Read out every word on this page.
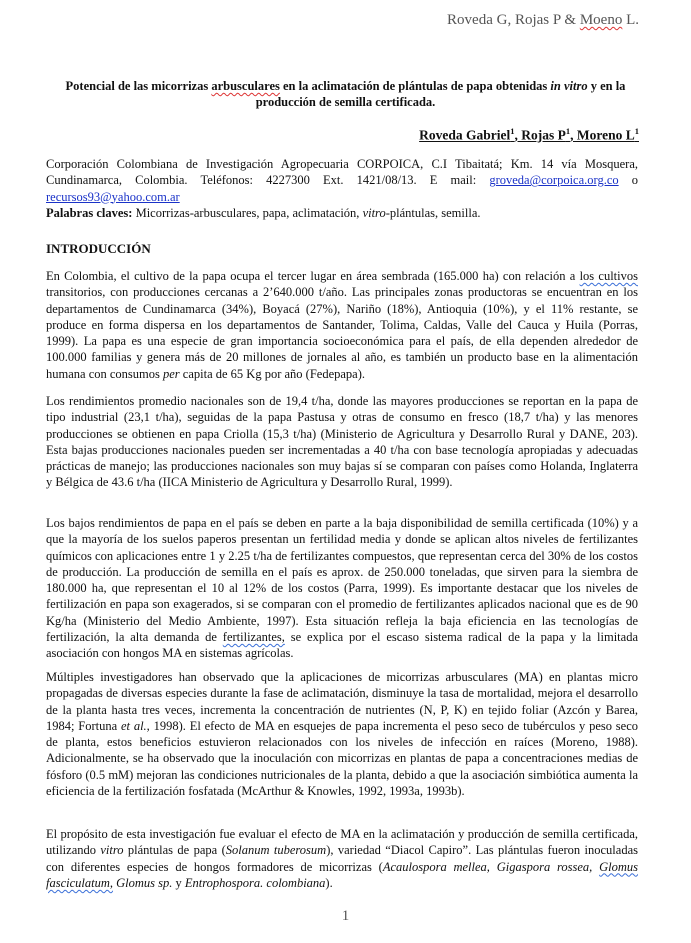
Roveda G, Rojas P & Moeno L.
Potencial de las micorrizas arbusculares en la aclimatación de plántulas de papa obtenidas in vitro y en la producción de semilla certificada.
Roveda Gabriel$^1$, Rojas $P^1$, Moreno $L^1$
Corporación Colombiana de Investigación Agropecuaria CORPOICA, C.I Tibaitatá; Km. 14 vía Mosquera, Cundinamarca, Colombia. Teléfonos: 4227300 Ext. 1421/08/13. E mail: groveda@corpoica.org.co o recursos93@yahoo.com.ar
Palabras claves: Micorrizas-arbusculares, papa, aclimatación, vitro-plántulas, semilla.
INTRODUCCIÓN
En Colombia, el cultivo de la papa ocupa el tercer lugar en área sembrada (165.000 ha) con relación a los cultivos transitorios, con producciones cercanas a 2’640.000 t/año. Las principales zonas productoras se encuentran en los departamentos de Cundinamarca (34%), Boyacá (27%), Nariño (18%), Antioquia (10%), y el 11% restante, se produce en forma dispersa en los departamentos de Santander, Tolima, Caldas, Valle del Cauca y Huila (Porras, 1999). La papa es una especie de gran importancia socioeconómica para el país, de ella dependen alrededor de 100.000 familias y genera más de 20 millones de jornales al año, es también un producto base en la alimentación humana con consumos per capita de 65 Kg por año (Fedepapa).
Los rendimientos promedio nacionales son de 19,4 t/ha, donde las mayores producciones se reportan en la papa de tipo industrial (23,1 t/ha), seguidas de la papa Pastusa y otras de consumo en fresco (18,7 t/ha) y las menores producciones se obtienen en papa Criolla (15,3 t/ha) (Ministerio de Agricultura y Desarrollo Rural y DANE, 203). Esta bajas producciones nacionales pueden ser incrementadas a 40 t/ha con base tecnología apropiadas y adecuadas prácticas de manejo; las producciones nacionales son muy bajas sí se comparan con países como Holanda, Inglaterra y Bélgica de 43.6 t/ha (IICA Ministerio de Agricultura y Desarrollo Rural, 1999).
Los bajos rendimientos de papa en el país se deben en parte a la baja disponibilidad de semilla certificada (10%) y a que la mayoría de los suelos paperos presentan un fertilidad media y donde se aplican altos niveles de fertilizantes químicos con aplicaciones entre 1 y 2.25 t/ha de fertilizantes compuestos, que representan cerca del 30% de los costos de producción. La producción de semilla en el país es aprox. de 250.000 toneladas, que sirven para la siembra de 180.000 ha, que representan el 10 al 12% de los costos (Parra, 1999). Es importante destacar que los niveles de fertilización en papa son exagerados, si se comparan con el promedio de fertilizantes aplicados nacional que es de 90 Kg/ha (Ministerio del Medio Ambiente, 1997). Esta situación refleja la baja eficiencia en las tecnologías de fertilización, la alta demanda de fertilizantes, se explica por el escaso sistema radical de la papa y la limitada asociación con hongos MA en sistemas agrícolas.
Múltiples investigadores han observado que la aplicaciones de micorrizas arbusculares (MA) en plantas micro propagadas de diversas especies durante la fase de aclimatación, disminuye la tasa de mortalidad, mejora el desarrollo de la planta hasta tres veces, incrementa la concentración de nutrientes (N, P, K) en tejido foliar (Azcón y Barea, 1984; Fortuna et al., 1998). El efecto de MA en esquejes de papa incrementa el peso seco de tubérculos y peso seco de planta, estos beneficios estuvieron relacionados con los niveles de infección en raíces (Moreno, 1988). Adicionalmente, se ha observado que la inoculación con micorrizas en plantas de papa a concentraciones medias de fósforo (0.5 mM) mejoran las condiciones nutricionales de la planta, debido a que la asociación simbiótica aumenta la eficiencia de la fertilización fosfatada (McArthur & Knowles, 1992, 1993a, 1993b).
El propósito de esta investigación fue evaluar el efecto de MA en la aclimatación y producción de semilla certificada, utilizando vitro plántulas de papa (Solanum tuberosum), variedad “Diacol Capiro”. Las plántulas fueron inoculadas con diferentes especies de hongos formadores de micorrizas (Acaulospora mellea, Gigaspora rossea, Glomus fasciculatum, Glomus sp. y Entrophospora. colombiana).
1
